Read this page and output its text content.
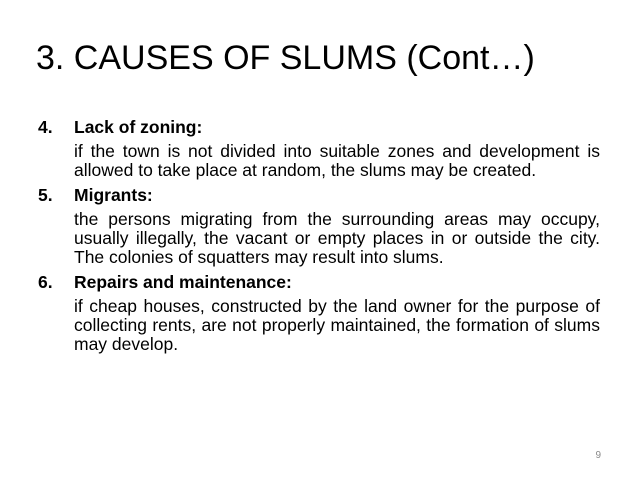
3. CAUSES OF SLUMS (Cont…)
4.	Lack of zoning:
if the town is not divided into suitable zones and development is allowed to take place at random, the slums may be created.
5.	Migrants:
the persons migrating from the surrounding areas may occupy, usually illegally, the vacant or empty places in or outside the city. The colonies of squatters may result into slums.
6.	Repairs and maintenance:
if cheap houses, constructed by the land owner for the purpose of collecting rents, are not properly maintained, the formation of slums may develop.
9
